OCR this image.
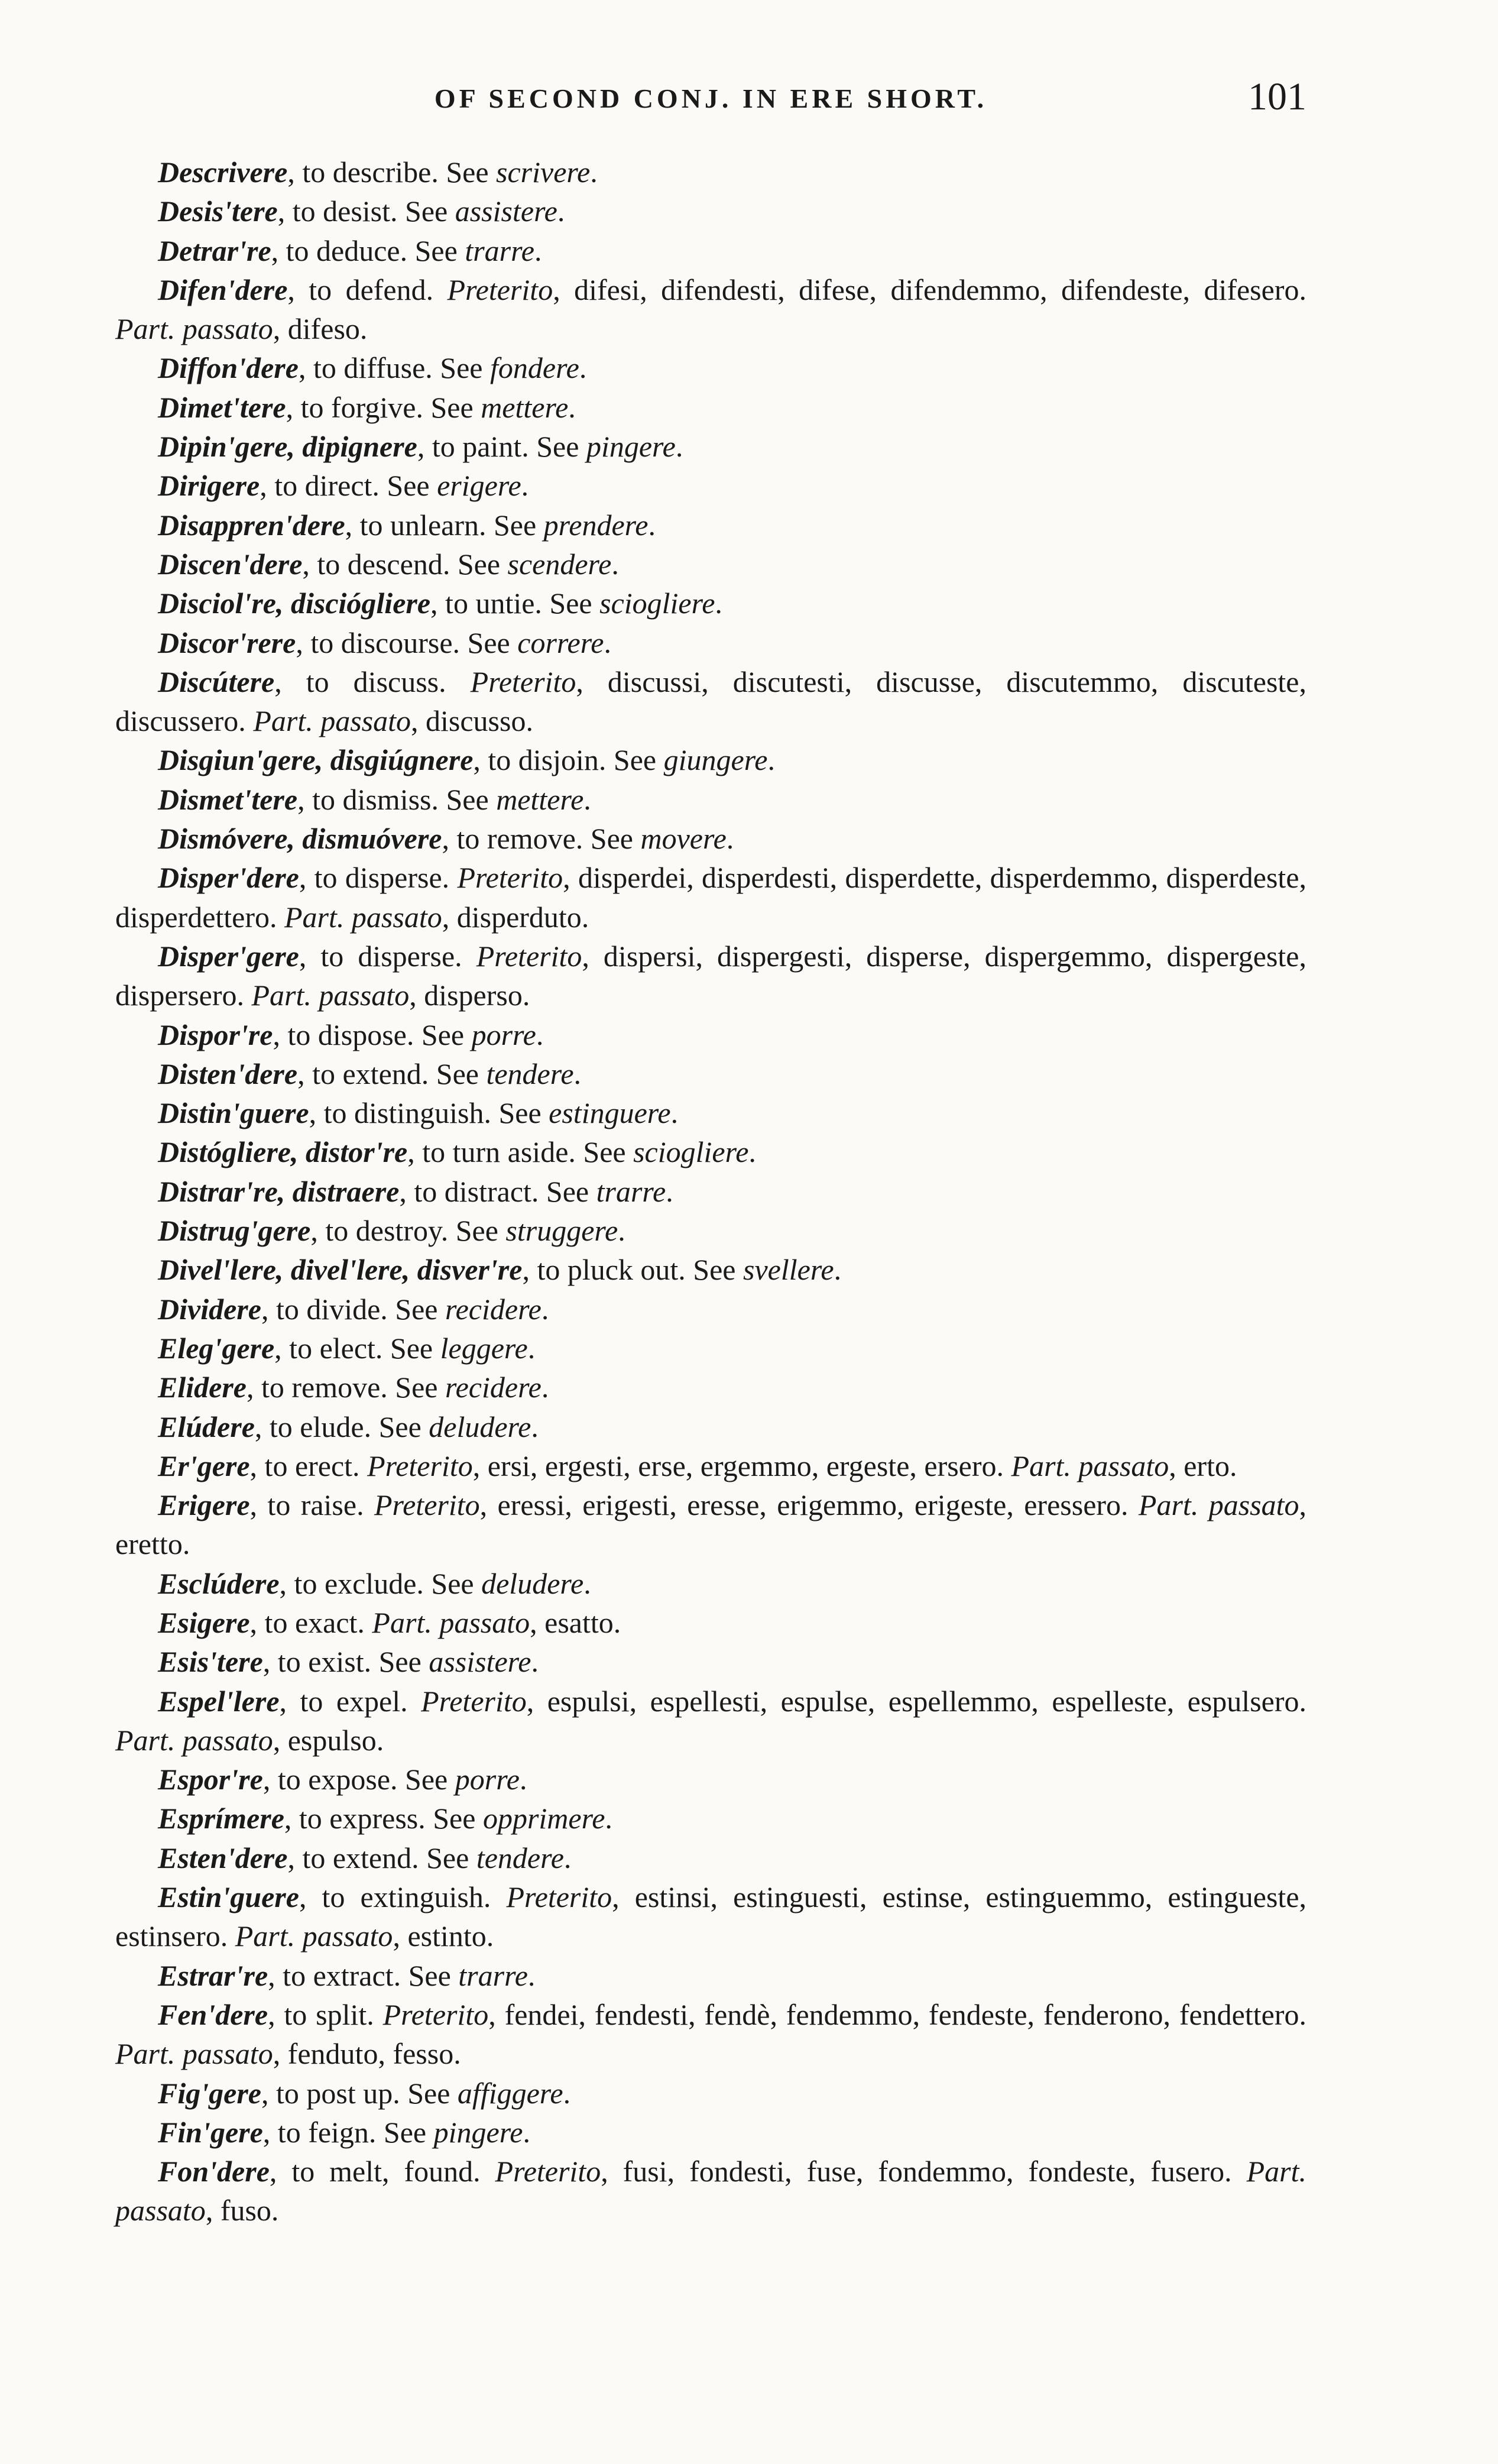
OF SECOND CONJ. IN ERE SHORT.	101

Descrivere, to describe. See scrivere.

Desis'tere, to desist. See assistere.

Detrar're, to deduce. See trarre.

Difen'dere, to defend. Preterito, difesi, difendesti, difese, difendemmo, difendeste, difesero. Part. passato, difeso.

Diffon'dere, to diffuse. See fondere.

Dimet'tere, to forgive. See mettere.

Dipin'gere, dipignere, to paint. See pingere.

Dirigere, to direct. See erigere.

Disappren'dere, to unlearn. See prendere.

Discen'dere, to descend. See scendere.

Disciol're, disciógliere, to untie. See sciogliere.

Discor'rere, to discourse. See correre.

Discútere, to discuss. Preterito, discussi, discutesti, discusse, discutemmo, discuteste, discussero. Part. passato, discusso.

Disgiun'gere, disgiúgnere, to disjoin. See giungere.

Dismet'tere, to dismiss. See mettere.

Dismóvere, dismuóvere, to remove. See movere.

Disper'dere, to disperse. Preterito, disperdei, disperdesti, disperdette, disperdemmo, disperdeste, disperdettero. Part. passato, disperduto.

Disper'gere, to disperse. Preterito, dispersi, dispergesti, disperse, dispergemmo, dispergeste, dispersero. Part. passato, disperso.

Dispor're, to dispose. See porre.

Disten'dere, to extend. See tendere.

Distin'guere, to distinguish. See estinguere.

Distógliere, distor're, to turn aside. See sciogliere.

Distrar're, distraere, to distract. See trarre.

Distrug'gere, to destroy. See struggere.

Divel'lere, divel'lere, disver're, to pluck out. See svellere.

Dividere, to divide. See recidere.

Eleg'gere, to elect. See leggere.

Elidere, to remove. See recidere.

Elúdere, to elude. See deludere.

Er'gere, to erect. Preterito, ersi, ergesti, erse, ergemmo, ergeste, ersero. Part. passato, erto.

Erigere, to raise. Preterito, eressi, erigesti, eresse, erigemmo, erigeste, eressero. Part. passato, eretto.

Esclúdere, to exclude. See deludere.

Esigere, to exact. Part. passato, esatto.

Esis'tere, to exist. See assistere.

Espel'lere, to expel. Preterito, espulsi, espellesti, espulse, espellemmo, espelleste, espulsero. Part. passato, espulso.

Espor're, to expose. See porre.

Esprímere, to express. See opprimere.

Esten'dere, to extend. See tendere.

Estin'guere, to extinguish. Preterito, estinsi, estinguesti, estinse, estinguemmo, estingueste, estinsero. Part. passato, estinto.

Estrar're, to extract. See trarre.

Fen'dere, to split. Preterito, fendei, fendesti, fendè, fendemmo, fendeste, fenderono, fendettero. Part. passato, fenduto, fesso.

Fig'gere, to post up. See affiggere.

Fin'gere, to feign. See pingere.

Fon'dere, to melt, found. Preterito, fusi, fondesti, fuse, fondemmo, fondeste, fusero. Part. passato, fuso.
